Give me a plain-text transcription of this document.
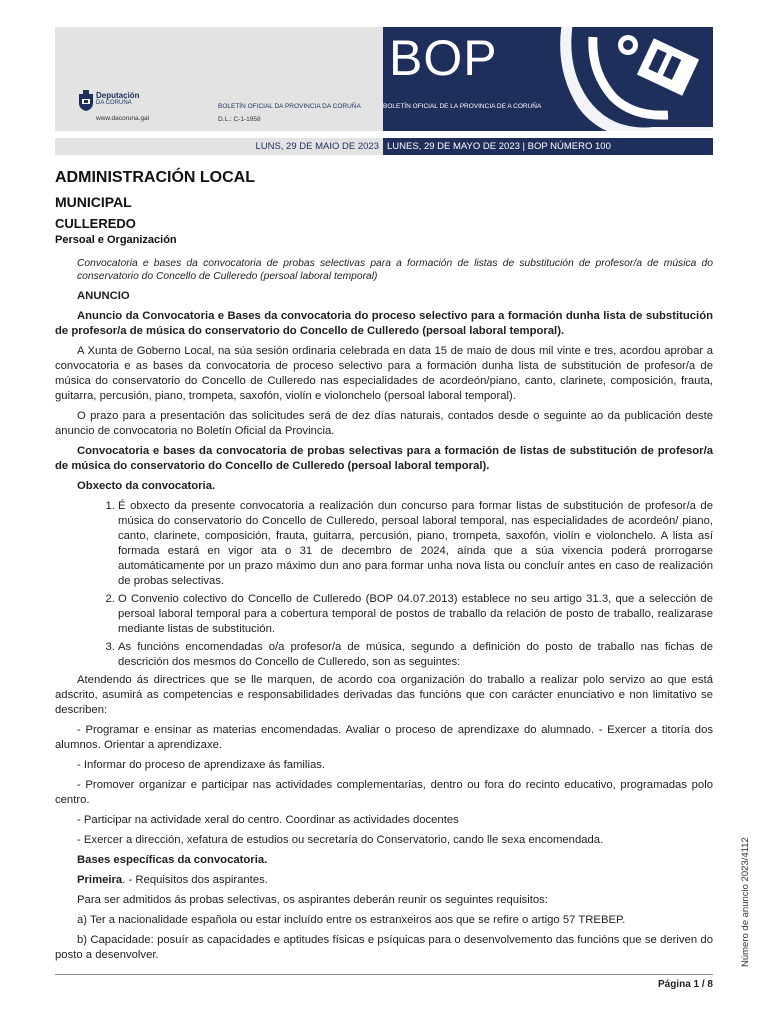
BOP
Deputación
DA CORUÑA
www.dacoruna.gal
BOLETÍN OFICIAL DA PROVINCIA DA CORUÑA
D.L.: C-1-1958
BOLETÍN OFICIAL DE LA PROVINCIA DE A CORUÑA
LUNS, 29 DE MAIO DE 2023 LUNES, 29 DE MAYO DE 2023 | BOP NÚMERO 100
ADMINISTRACIÓN LOCAL
MUNICIPAL
CULLEREDO
Persoal e Organización

Convocatoria e bases da convocatoria de probas selectivas para a formación de listas de substitución de profesor/a de música do conservatorio do Concello de Culleredo (persoal laboral temporal)

ANUNCIO

Anuncio da Convocatoria e Bases da convocatoria do proceso selectivo para a formación dunha lista de substitución de profesor/a de música do conservatorio do Concello de Culleredo (persoal laboral temporal).

A Xunta de Goberno Local, na súa sesión ordinaria celebrada en data 15 de maio de dous mil vinte e tres, acordou aprobar a convocatoria e as bases da convocatoria de proceso selectivo para a formación dunha lista de substitución de profesor/a de música do conservatorio do Concello de Culleredo nas especialidades de acordeón/piano, canto, clarinete, composición, frauta, guitarra, percusión, piano, trompeta, saxofón, violín e violonchelo (persoal laboral temporal).

O prazo para a presentación das solicitudes será de dez días naturais, contados desde o seguinte ao da publicación deste anuncio de convocatoria no Boletín Oficial da Provincia.

Convocatoria e bases da convocatoria de probas selectivas para a formación de listas de substitución de profesor/a de música do conservatorio do Concello de Culleredo (persoal laboral temporal).

Obxecto da convocatoria.

1. É obxecto da presente convocatoria a realización dun concurso para formar listas de substitución de profesor/a de música do conservatorio do Concello de Culleredo, persoal laboral temporal, nas especialidades de acordeón/ piano, canto, clarinete, composición, frauta, guitarra, percusión, piano, trompeta, saxofón, violín e violonchelo. A lista así formada estará en vigor ata o 31 de decembro de 2024, aínda que a súa vixencia poderá prorrogarse automáticamente por un prazo máximo dun ano para formar unha nova lista ou concluír antes en caso de realización de probas selectivas.
2. O Convenio colectivo do Concello de Culleredo (BOP 04.07.2013) establece no seu artigo 31.3, que a selección de persoal laboral temporal para a cobertura temporal de postos de traballo da relación de posto de traballo, realizarase mediante listas de substitución.
3. As funcións encomendadas o/a profesor/a de música, segundo a definición do posto de traballo nas fichas de descrición dos mesmos do Concello de Culleredo, son as seguintes:

Atendendo ás directrices que se lle marquen, de acordo coa organización do traballo a realizar polo servizo ao que está adscrito, asumirá as competencias e responsabilidades derivadas das funcións que con carácter enunciativo e non limitativo se describen:

- Programar e ensinar as materias encomendadas. Avaliar o proceso de aprendizaxe do alumnado. - Exercer a titoría dos alumnos. Orientar a aprendizaxe.

- Informar do proceso de aprendizaxe ás familias.

- Promover organizar e participar nas actividades complementarias, dentro ou fora do recinto educativo, programadas polo centro.

- Participar na actividade xeral do centro. Coordinar as actividades docentes

- Exercer a dirección, xefatura de estudios ou secretaría do Conservatorio, cando lle sexa encomendada.

Bases específicas da convocatoria.

Primeira. - Requisitos dos aspirantes.

Para ser admitidos ás probas selectivas, os aspirantes deberán reunir os seguintes requisitos:

a) Ter a nacionalidade española ou estar incluído entre os estranxeiros aos que se refire o artigo 57 TREBEP.

b) Capacidade: posuír as capacidades e aptitudes físicas e psíquicas para o desenvolvemento das funcións que se deriven do posto a desenvolver.

Página 1 / 8
Número de anuncio 2023/4112
